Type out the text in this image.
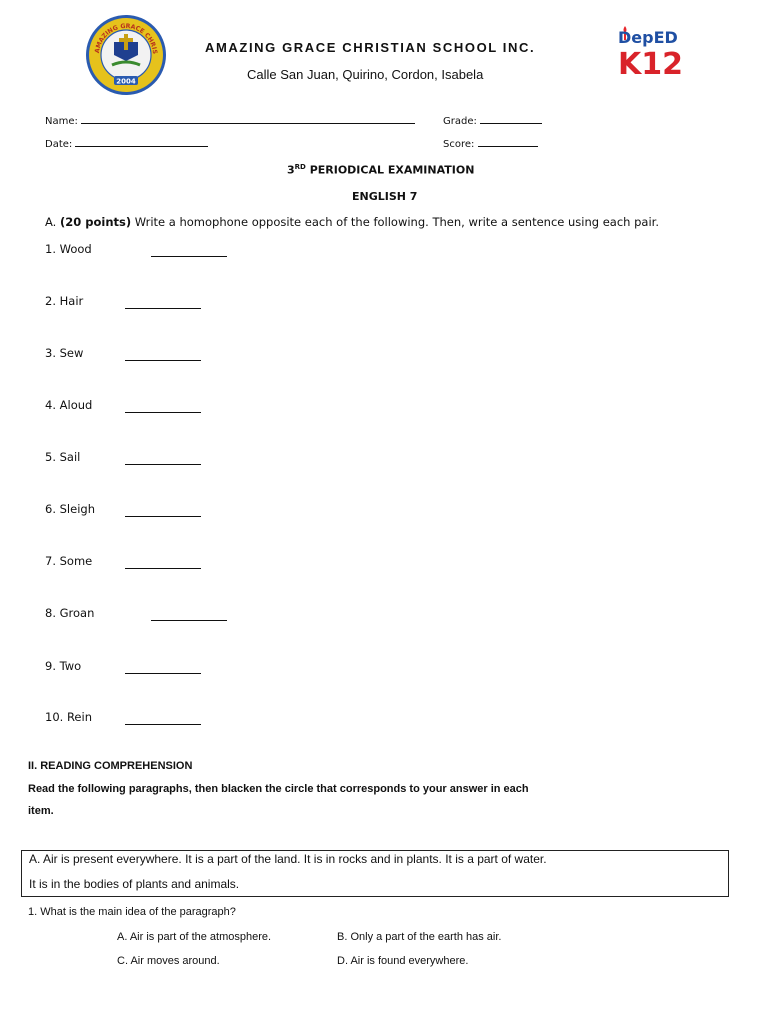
AMAZING GRACE CHRIS
2004
AMAZING GRACE CHRISTIAN SCHOOL INC.
Calle San Juan, Quirino, Cordon, Isabela
DepED
K12
Name:	Grade:
Date:	Score:
3RD PERIODICAL EXAMINATION
ENGLISH 7
A. (20 points) Write a homophone opposite each of the following. Then, write a sentence using each pair.
1. Wood
2. Hair
3. Sew
4. Aloud
5. Sail
6. Sleigh
7. Some
8. Groan
9. Two
10. Rein
II. READING COMPREHENSION
Read the following paragraphs, then blacken the circle that corresponds to your answer in each
item.
A. Air is present everywhere. It is a part of the land. It is in rocks and in plants. It is a part of water.
It is in the bodies of plants and animals.
1. What is the main idea of the paragraph?
A. Air is part of the atmosphere.	B. Only a part of the earth has air.
C. Air moves around.	D. Air is found everywhere.
